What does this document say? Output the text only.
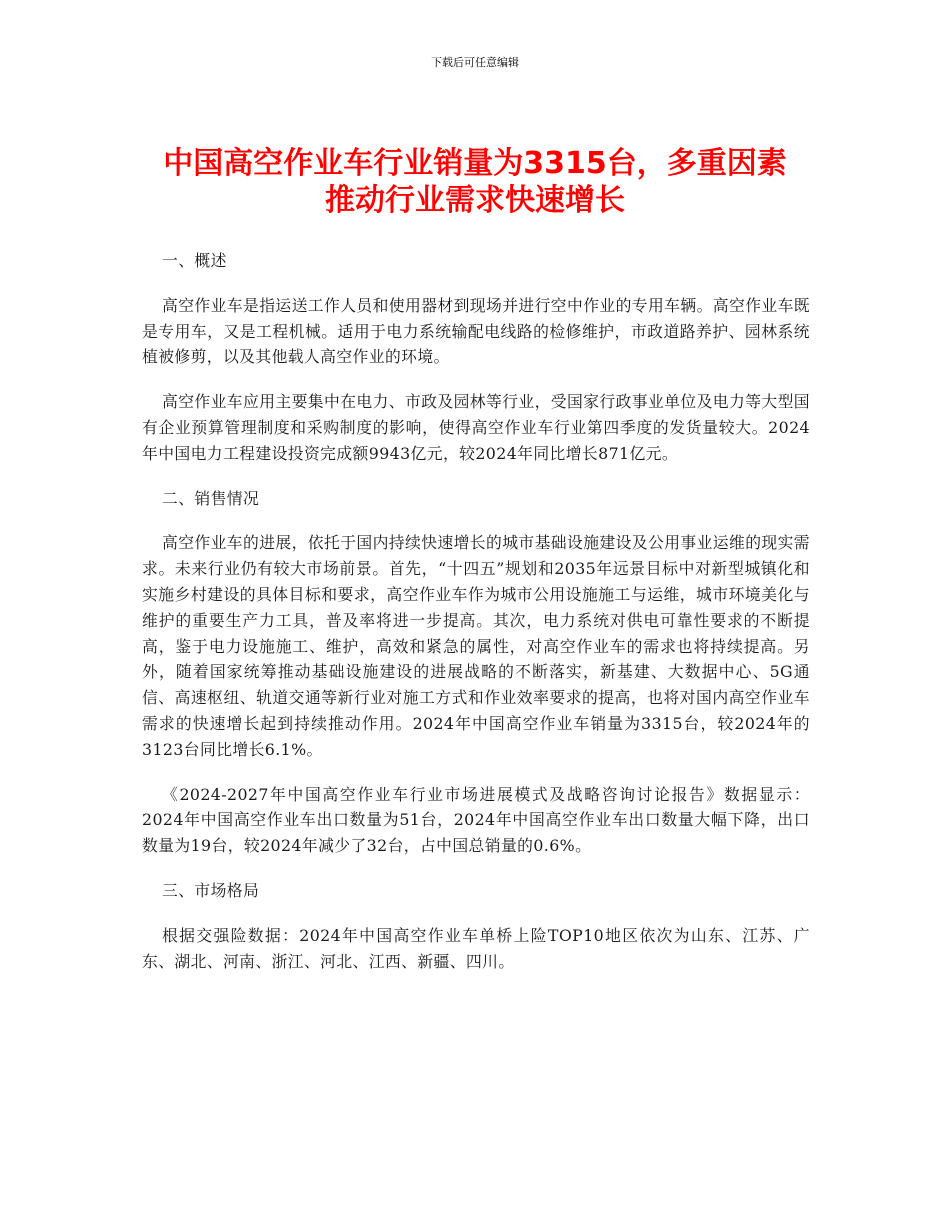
下载后可任意编辑
中国高空作业车行业销量为3315台，多重因素
推动行业需求快速增长

一、概述

高空作业车是指运送工作人员和使用器材到现场并进行空中作业的专用车辆。高空作业车既是专用车，又是工程机械。适用于电力系统输配电线路的检修维护，市政道路养护、园林系统植被修剪，以及其他载人高空作业的环境。

高空作业车应用主要集中在电力、市政及园林等行业，受国家行政事业单位及电力等大型国有企业预算管理制度和采购制度的影响，使得高空作业车行业第四季度的发货量较大。2024年中国电力工程建设投资完成额9943亿元，较2024年同比增长871亿元。

二、销售情况

高空作业车的进展，依托于国内持续快速增长的城市基础设施建设及公用事业运维的现实需求。未来行业仍有较大市场前景。首先，“十四五”规划和2035年远景目标中对新型城镇化和实施乡村建设的具体目标和要求，高空作业车作为城市公用设施施工与运维，城市环境美化与维护的重要生产力工具，普及率将进一步提高。其次，电力系统对供电可靠性要求的不断提高，鉴于电力设施施工、维护，高效和紧急的属性，对高空作业车的需求也将持续提高。另外，随着国家统筹推动基础设施建设的进展战略的不断落实，新基建、大数据中心、5G通信、高速枢纽、轨道交通等新行业对施工方式和作业效率要求的提高，也将对国内高空作业车需求的快速增长起到持续推动作用。2024年中国高空作业车销量为3315台，较2024年的3123台同比增长6.1%。

《2024-2027年中国高空作业车行业市场进展模式及战略咨询讨论报告》数据显示：2024年中国高空作业车出口数量为51台，2024年中国高空作业车出口数量大幅下降，出口数量为19台，较2024年减少了32台，占中国总销量的0.6%。

三、市场格局

根据交强险数据：2024年中国高空作业车单桥上险TOP10地区依次为山东、江苏、广东、湖北、河南、浙江、河北、江西、新疆、四川。
